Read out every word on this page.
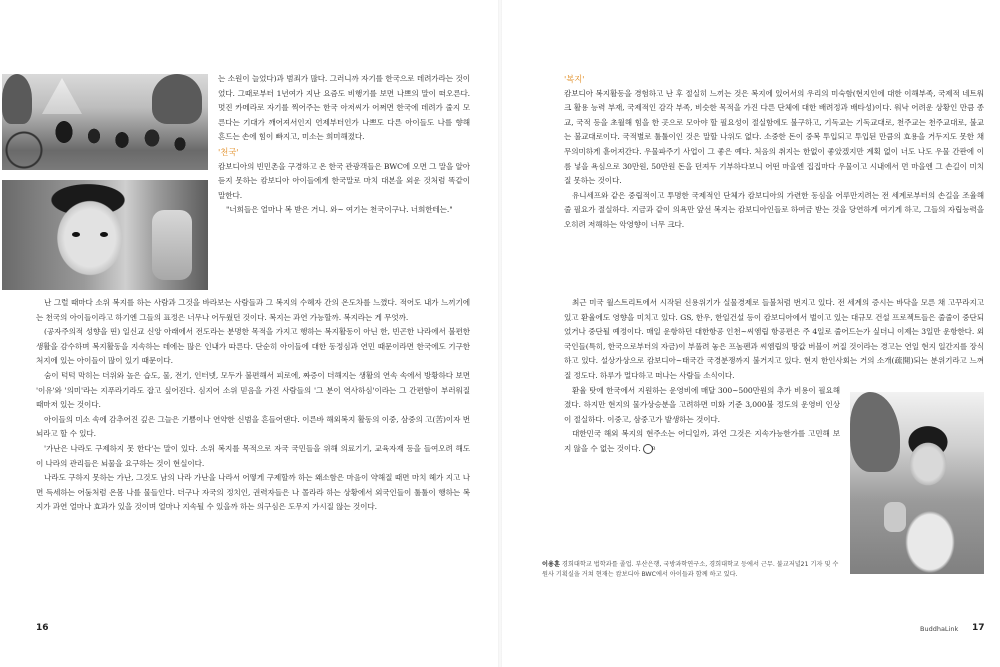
는 소원이 늘었다)과 범죄가 많다. 그러니까 자기를 한국으로 데려가라는 것이었다. 그때로부터 1년여가 지난 요즘도 비행기를 보면 나쁘의 말이 떠오른다. 멋진 카메라로 자기를 찍어주는 한국 아저씨가 어쩌면 한국에 데려가 줄지 모른다는 기대가 깨어져서인지 언제부터인가 나쁘도 다른 아이들도 나를 향해 흔드는 손에 힘이 빠지고, 미소는 희미해졌다.

'천국'

캄보디아의 빈민촌을 구경하고 온 한국 관광객들은 BWC에 오면 그 말을 알아듣지 못하는 캄보디아 아이들에게 한국말로 마치 대본을 외운 것처럼 똑같이 말한다.

"너희들은 얼마나 복 받은 거니. 와~ 여기는 천국이구나. 너희한테는."

난 그럴 때마다 소위 복지를 하는 사람과 그것을 바라보는 사람들과 그 복지의 수혜자 간의 온도차를 느꼈다. 적어도 내가 느끼기에는 천국의 아이들이라고 하기엔 그들의 표정은 너무나 어두웠던 것이다. 복지는 과연 가능할까. 복지라는 게 무엇까.

(공자주의적 성향을 띤) 일신교 신앙 아래에서 전도라는 분명한 목적을 가지고 행하는 복지활동이 아닌 한, 빈곤한 나라에서 불편한 생활을 감수하며 복지활동을 지속하는 데에는 많은 인내가 따른다. 단순히 아이들에 대한 동정심과 연민 때문이라면 한국에도 기구한 처지에 있는 아이들이 많이 있기 때문이다.

숨이 턱턱 막히는 더위와 높은 습도, 물, 전기, 인터넷, 모두가 불편해서 피로에, 짜증이 더해지는 생활의 연속 속에서 방황하다 보면 '이유'와 '의미'라는 지푸라기라도 잡고 싶어진다. 심지어 소위 믿음을 가진 사람들의 '그 분이 역사하심'이라는 그 간편함이 부러워질 때마저 있는 것이다.

아이들의 미소 속에 감추어진 깊은 그늘은 기쁨이나 연약한 신범을 흔들어댄다. 이른바 해외복지 활동의 이중, 삼중의 고(苦)이자 번뇌라고 할 수 있다.

'가난은 나라도 구제하지 못 한다'는 말이 있다. 소위 복지를 목적으로 자국 국민들을 위해 의료기기, 교육자재 등을 들여오려 해도 이 나라의 관리들은 뇌물을 요구하는 것이 현실이다.

나라도 구하지 못하는 가난, 그것도 남의 나라 가난을 나라서 어떻게 구제할까 하는 왜소함은 마음이 약해질 때면 마치 헤가 지고 나면 득세하는 어둠처럼 온몸 나를 물들인다. 더구나 자국의 정치인, 권력자들은 나 몰라라 하는 상황에서 외국인들이 툴툴이 행하는 복지가 과연 얼마나 효과가 있을 것이며 얼마나 지속될 수 있을까 하는 의구심은 도무지 가시질 않는 것이다.

16

'복지'

캄보디아 복지활동을 경험하고 난 후 절실히 느끼는 것은 복지에 있어서의 우리의 미숙함(현지인에 대한 이해부족, 국제적 네트워크 활용 능력 부재, 국제적인 감각 부족, 비슷한 목적을 가진 다른 단체에 대한 배려정과 배타성)이다. 워낙 어려운 상황인 만큼 종교, 국적 등을 초월해 힘을 한 곳으로 모아야 할 필요성이 절실함에도 불구하고, 기독교는 기독교대로, 천주교는 천주교대로, 불교는 불교대로이다. 국적별로 툴툴이인 것은 말할 나위도 없다. 소중한 돈이 중복 투입되고 투입된 만큼의 효용을 거두지도 못한 채 무의미하게 흩어져간다. 우물파주기 사업이 그 좋은 예다. 처음의 취지는 한없이 좋았겠지만 계획 없이 너도 나도 우물 간판에 이름 넣을 욕심으로 30만원, 50만원 돈을 던져두 기부하다보니 어떤 마을엔 집집마다 우물이고 시내에서 먼 마을엔 그 손길이 미치질 못하는 것이다.

유니세프와 같은 중립적이고 투명한 국제적인 단체가 캄보디아의 가련한 동심을 어루만지려는 전 세계로부터의 손길을 조율해 줄 필요가 절실하다. 지금과 같이 의욕만 앞선 복지는 캄보디아인들로 하여금 받는 것을 당연하게 여기게 하고, 그들의 자립능력을 오히려 저해하는 악영향이 너무 크다.

최근 미국 월스트리트에서 시작된 신용위기가 실물경제로 들불처럼 번지고 있다. 전 세계의 증시는 바닥을 모른 채 고꾸라지고 있고 환율에도 영향을 미치고 있다. GS, 한우, 한일건설 등이 캄보디아에서 벌이고 있는 대규모 건설 프로젝트들은 줄줄이 중단되었거나 중단될 예정이다. 매일 운항하던 대한항공 인천~씨엠립 항공편은 주 4일로 줄어드는가 싶더니 이제는 3일만 운항한다. 외국인들(특히, 한국으로부터의 자금)이 부풀려 놓은 프놈펜과 씨엠립의 땅값 버블이 꺼질 것이라는 경고는 연일 현지 일간지를 장식하고 있다. 설상가상으로 캄보디아~태국간 국경분쟁까지 불거지고 있다. 현지 한인사회는 거의 소개(疏開)되는 분위기라고 느껴질 정도다. 하루가 멀다하고 떠나는 사람들 소식이다.

환율 탓에 한국에서 지원하는 운영비에 매달 300~500만원의 추가 비용이 필요해졌다. 하지만 현지의 물가상승분을 고려하면 미화 기준 3,000불 정도의 운영비 인상이 절실하다. 이중고, 삼중고가 발생하는 것이다.

대한민국 해외 복지의 현주소는 어디일까, 과연 그것은 지속가능한가를 고민해 보지 않을 수 없는 것이다. B

이용훈 경희대학교 법학과를 졸업. 부산은행, 국방과학연구소, 경희대학교 등에서 근무. 불교저널21 기자 및 수원사 기획실을 거쳐 현재는 캄보디아 BWC에서 아이들과 함께 하고 있다.
BuddhaLink 17
